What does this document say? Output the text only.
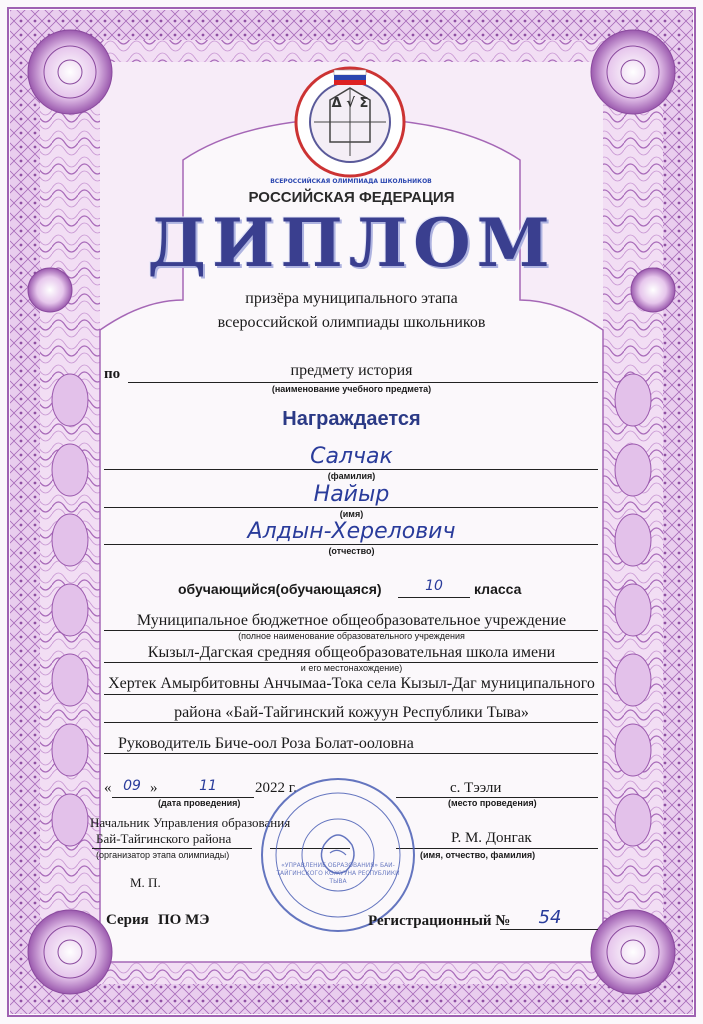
Δ √ Σ
ВСЕРОССИЙСКАЯ ОЛИМПИАДА ШКОЛЬНИКОВ
РОССИЙСКАЯ ФЕДЕРАЦИЯ
ДИПЛОМ
призёра муниципального этапа
всероссийской олимпиады школьников
по	предмету история
(наименование учебного предмета)
Награждается
Салчак
(фамилия)
Найыр
(имя)
Алдын-Херелович
(отчество)
обучающийся(обучающаяся)	10	класса
Муниципальное бюджетное общеобразовательное учреждение
(полное наименование образовательного учреждения
Кызыл-Дагская средняя общеобразовательная школа имени
и его местонахождение)
Хертек Амырбитовны Анчымаа-Тока села Кызыл-Даг муниципального
района «Бай-Тайгинский кожуун Республики Тыва»
Руководитель Биче-оол Роза Болат-ооловна
« 09 »	11	2022 г.
(дата проведения)
с. Тээли
(место проведения)
Начальник Управления образования
Бай-Тайгинского района
(организатор этапа олимпиады)
Р. М. Донгак
(имя, отчество, фамилия)
«УПРАВЛЕНИЕ ОБРАЗОВАНИЯ» БАЙ-ТАЙГИНСКОГО КОЖУУНА РЕСПУБЛИКИ ТЫВА
М. П.
Серия ПО МЭ	Регистрационный №	54
